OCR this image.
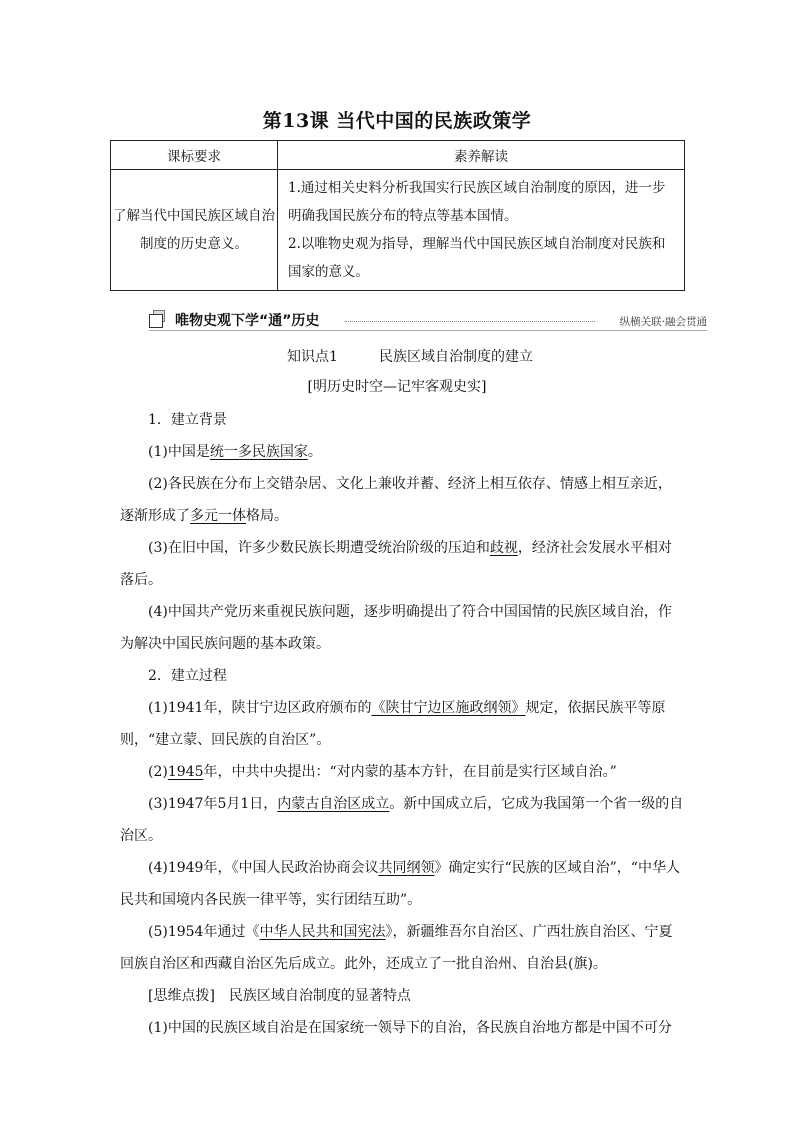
第13课 当代中国的民族政策学
课标要求	素养解读
了解当代中国民族区域自治制度的历史意义。	1.通过相关史料分析我国实行民族区域自治制度的原因，进一步明确我国民族分布的特点等基本国情。
2.以唯物史观为指导，理解当代中国民族区域自治制度对民族和国家的意义。
唯物史观下学“通”历史	纵横关联·融会贯通
知识点1	民族区域自治制度的建立
[明历史时空—记牢客观史实]

1．建立背景

(1)中国是统一多民族国家。

(2)各民族在分布上交错杂居、文化上兼收并蓄、经济上相互依存、情感上相互亲近，逐渐形成了多元一体格局。

(3)在旧中国，许多少数民族长期遭受统治阶级的压迫和歧视，经济社会发展水平相对落后。

(4)中国共产党历来重视民族问题，逐步明确提出了符合中国国情的民族区域自治，作为解决中国民族问题的基本政策。

2．建立过程

(1)1941年，陕甘宁边区政府颁布的《陕甘宁边区施政纲领》规定，依据民族平等原则，“建立蒙、回民族的自治区”。

(2)1945年，中共中央提出：“对内蒙的基本方针，在目前是实行区域自治。”

(3)1947年5月1日，内蒙古自治区成立。新中国成立后，它成为我国第一个省一级的自治区。

(4)1949年，《中国人民政治协商会议共同纲领》确定实行“民族的区域自治”，“中华人民共和国境内各民族一律平等，实行团结互助”。

(5)1954年通过《中华人民共和国宪法》，新疆维吾尔自治区、广西壮族自治区、宁夏回族自治区和西藏自治区先后成立。此外，还成立了一批自治州、自治县(旗)。

[思维点拨]　民族区域自治制度的显著特点

(1)中国的民族区域自治是在国家统一领导下的自治，各民族自治地方都是中国不可分
